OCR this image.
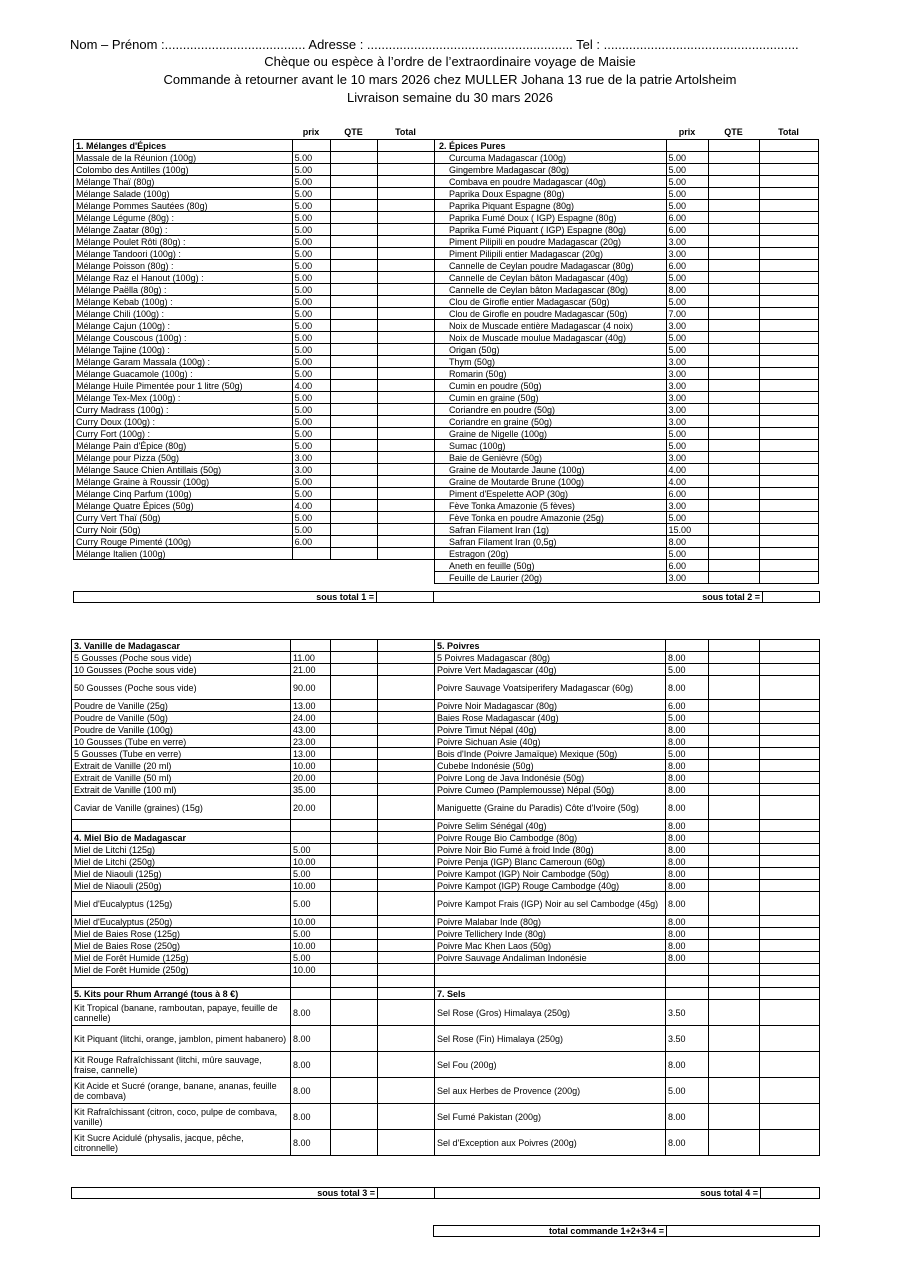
Nom – Prénom :....................................... Adresse : ......................................................... Tel : ......................................................
Chèque ou espèce à l’ordre de l’extraordinaire voyage de Maisie
Commande à retourner avant le 10 mars 2026 chez MULLER Johana 13 rue de la patrie Artolsheim
Livraison semaine du 30 mars 2026
prix	QTE	Total	prix	QTE	Total
1. Mélanges d'Épices				2. Épices Pures			
Massale de la Réunion (100g)	5.00			Curcuma Madagascar (100g)	5.00		
Colombo des Antilles (100g)	5.00			Gingembre Madagascar (80g)	5.00		
Mélange Thaï (80g)	5.00			Combava en poudre Madagascar (40g)	5.00		
Mélange Salade (100g)	5.00			Paprika Doux Espagne (80g)	5.00		
Mélange Pommes Sautées (80g)	5.00			Paprika Piquant Espagne (80g)	5.00		
Mélange Légume (80g) :	5.00			Paprika Fumé Doux ( IGP) Espagne (80g)	6.00		
Mélange Zaatar (80g) :	5.00			Paprika Fumé Piquant ( IGP) Espagne (80g)	6.00		
Mélange Poulet Rôti (80g) :	5.00			Piment Pilipili en poudre Madagascar (20g)	3.00		
Mélange Tandoori (100g) :	5.00			Piment Pilipili entier Madagascar (20g)	3.00		
Mélange Poisson (80g) :	5.00			Cannelle de Ceylan poudre Madagascar (80g)	6.00		
Mélange Raz el Hanout (100g) :	5.00			Cannelle de Ceylan bâton Madagascar (40g)	5.00		
Mélange Paëlla (80g) :	5.00			Cannelle de Ceylan bâton Madagascar (80g)	8.00		
Mélange Kebab (100g) :	5.00			Clou de Girofle entier Madagascar (50g)	5.00		
Mélange Chili (100g) :	5.00			Clou de Girofle en poudre Madagascar (50g)	7.00		
Mélange Cajun (100g) :	5.00			Noix de Muscade entière Madagascar (4 noix)	3.00		
Mélange Couscous (100g) :	5.00			Noix de Muscade moulue Madagascar (40g)	5.00		
Mélange Tajine (100g) :	5.00			Origan (50g)	5.00		
Mélange Garam Massala (100g) :	5.00			Thym (50g)	3.00		
Mélange Guacamole (100g) :	5.00			Romarin (50g)	3.00		
Mélange Huile Pimentée pour 1 litre (50g)	4.00			Cumin en poudre (50g)	3.00		
Mélange Tex-Mex (100g) :	5.00			Cumin en graine (50g)	3.00		
Curry Madrass (100g) :	5.00			Coriandre en poudre (50g)	3.00		
Curry Doux (100g) :	5.00			Coriandre en graine (50g)	3.00		
Curry Fort (100g) :	5.00			Graine de Nigelle (100g)	5.00		
Mélange Pain d'Épice (80g)	5.00			Sumac (100g)	5.00		
Mélange pour Pizza (50g)	3.00			Baie de Genièvre (50g)	3.00		
Mélange Sauce Chien Antillais (50g)	3.00			Graine de Moutarde Jaune (100g)	4.00		
Mélange Graine à Roussir (100g)	5.00			Graine de Moutarde Brune (100g)	4.00		
Mélange Cinq Parfum (100g)	5.00			Piment d'Espelette AOP (30g)	6.00		
Mélange Quatre Épices (50g)	4.00			Fève Tonka Amazonie (5 fèves)	3.00		
Curry Vert Thaï (50g)	5.00			Fève Tonka en poudre Amazonie (25g)	5.00		
Curry Noir (50g)	5.00			Safran Filament Iran (1g)	15.00		
Curry Rouge Pimenté (100g)	6.00			Safran Filament Iran (0,5g)	8.00		
Mélange Italien (100g)				Estragon (20g)	5.00		
				Aneth en feuille (50g)	6.00		
				Feuille de Laurier (20g)	3.00		
sous total 1 =		sous total 2 =	
3. Vanille de Madagascar				5. Poivres			
5 Gousses (Poche sous vide)	11.00			5 Poivres Madagascar (80g)	8.00		
10 Gousses (Poche sous vide)	21.00			Poivre Vert Madagascar (40g)	5.00		
50 Gousses (Poche sous vide)	90.00			Poivre Sauvage Voatsiperifery Madagascar (60g)	8.00		
Poudre de Vanille (25g)	13.00			Poivre Noir Madagascar (80g)	6.00		
Poudre de Vanille (50g)	24.00			Baies Rose Madagascar (40g)	5.00		
Poudre de Vanille (100g)	43.00			Poivre Timut Népal (40g)	8.00		
10 Gousses (Tube en verre)	23.00			Poivre Sichuan Asie (40g)	8.00		
5 Gousses (Tube en verre)	13.00			Bois d'Inde (Poivre Jamaïque) Mexique (50g)	5.00		
Extrait de Vanille (20 ml)	10.00			Cubebe Indonésie (50g)	8.00		
Extrait de Vanille (50 ml)	20.00			Poivre Long de Java Indonésie (50g)	8.00		
Extrait de Vanille (100 ml)	35.00			Poivre Cumeo (Pamplemousse) Népal (50g)	8.00		
Caviar de Vanille (graines) (15g)	20.00			Maniguette (Graine du Paradis) Côte d'Ivoire (50g)	8.00		
				Poivre Selim Sénégal (40g)	8.00		
4. Miel Bio de Madagascar				Poivre Rouge Bio Cambodge (80g)	8.00		
Miel de Litchi (125g)	5.00			Poivre Noir Bio Fumé à froid Inde (80g)	8.00		
Miel de Litchi (250g)	10.00			Poivre Penja (IGP) Blanc Cameroun (60g)	8.00		
Miel de Niaouli (125g)	5.00			Poivre Kampot (IGP) Noir Cambodge (50g)	8.00		
Miel de Niaouli (250g)	10.00			Poivre Kampot (IGP) Rouge Cambodge (40g)	8.00		
Miel d'Eucalyptus (125g)	5.00			Poivre Kampot Frais (IGP) Noir au sel Cambodge (45g)	8.00		
Miel d'Eucalyptus (250g)	10.00			Poivre Malabar Inde (80g)	8.00		
Miel de Baies Rose (125g)	5.00			Poivre Tellichery Inde (80g)	8.00		
Miel de Baies Rose (250g)	10.00			Poivre Mac Khen Laos (50g)	8.00		
Miel de Forêt Humide (125g)	5.00			Poivre Sauvage Andaliman Indonésie	8.00		
Miel de Forêt Humide (250g)	10.00						

5. Kits pour Rhum Arrangé (tous à 8 €)				7. Sels			
Kit Tropical (banane, ramboutan, papaye, feuille de cannelle)	8.00			Sel Rose (Gros) Himalaya (250g)	3.50		
Kit Piquant (litchi, orange, jamblon, piment habanero)	8.00			Sel Rose (Fin) Himalaya (250g)	3.50		
Kit Rouge Rafraîchissant (litchi, mûre sauvage, fraise, cannelle)	8.00			Sel Fou (200g)	8.00		
Kit Acide et Sucré (orange, banane, ananas, feuille de combava)	8.00			Sel aux Herbes de Provence (200g)	5.00		
Kit Rafraîchissant (citron, coco, pulpe de combava, vanille)	8.00			Sel Fumé Pakistan (200g)	8.00		
Kit Sucre Acidulé (physalis, jacque, pêche, citronnelle)	8.00			Sel d'Exception aux Poivres (200g)	8.00		
sous total 3 =		sous total 4 =	
total commande 1+2+3+4 =	
